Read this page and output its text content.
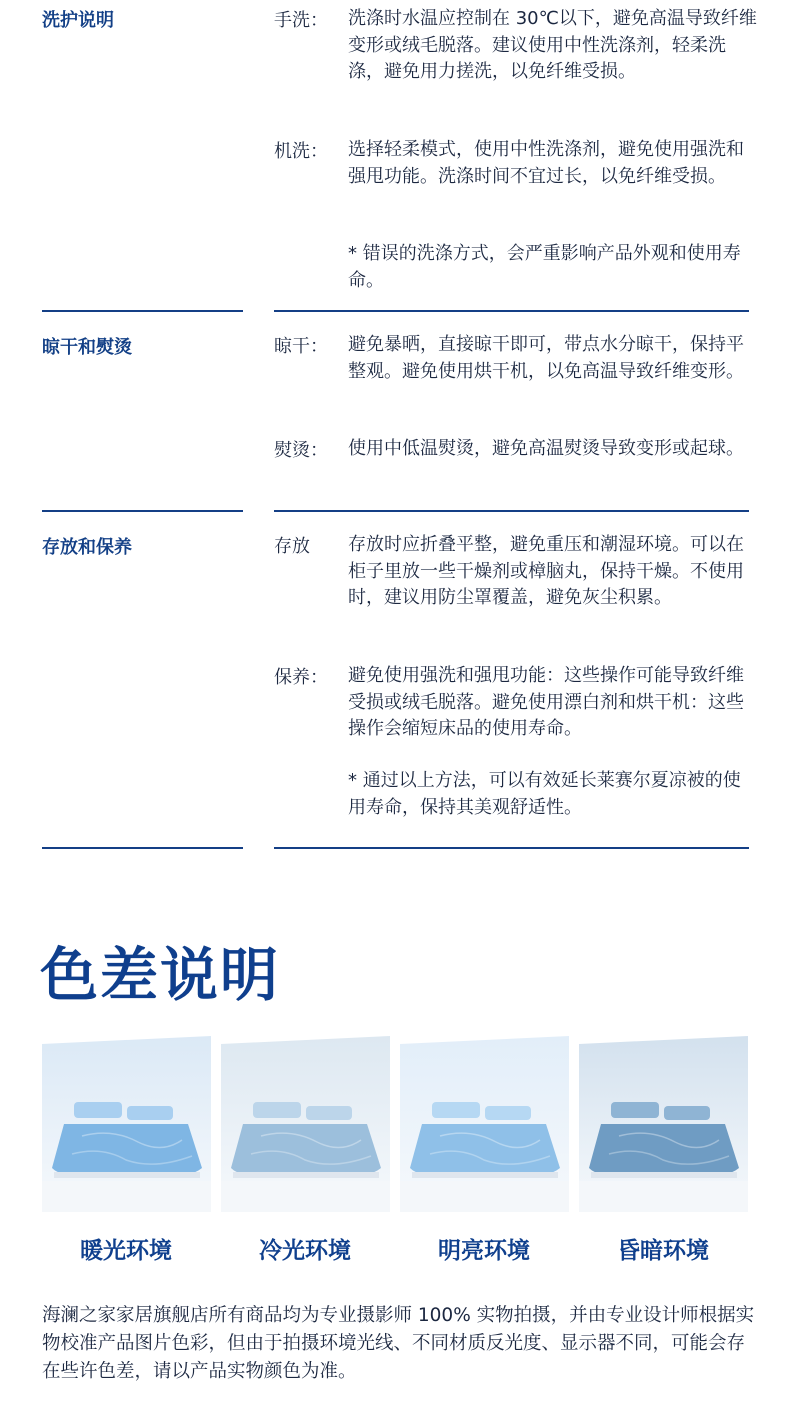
洗护说明	手洗： 洗涤时水温应控制在 30℃以下，避免高温导致纤维变形或绒毛脱落。建议使用中性洗涤剂，轻柔洗涤，避免用力搓洗，以免纤维受损。
机洗： 选择轻柔模式，使用中性洗涤剂，避免使用强洗和强甩功能。洗涤时间不宜过长，以免纤维受损。
* 错误的洗涤方式，会严重影响产品外观和使用寿命。
晾干和熨烫	晾干： 避免暴晒，直接晾干即可，带点水分晾干，保持平整观。避免使用烘干机，以免高温导致纤维变形。
熨烫： 使用中低温熨烫，避免高温熨烫导致变形或起球。
存放和保养	存放 存放时应折叠平整，避免重压和潮湿环境。可以在柜子里放一些干燥剂或樟脑丸，保持干燥。不使用时，建议用防尘罩覆盖，避免灰尘积累。
保养： 避免使用强洗和强甩功能：这些操作可能导致纤维受损或绒毛脱落。避免使用漂白剂和烘干机：这些操作会缩短床品的使用寿命。
* 通过以上方法，可以有效延长莱赛尔夏凉被的使用寿命，保持其美观舒适性。
色差说明
暖光环境	冷光环境	明亮环境	昏暗环境
海澜之家家居旗舰店所有商品均为专业摄影师 100% 实物拍摄，并由专业设计师根据实物校准产品图片色彩，但由于拍摄环境光线、不同材质反光度、显示器不同，可能会存在些许色差，请以产品实物颜色为准。
